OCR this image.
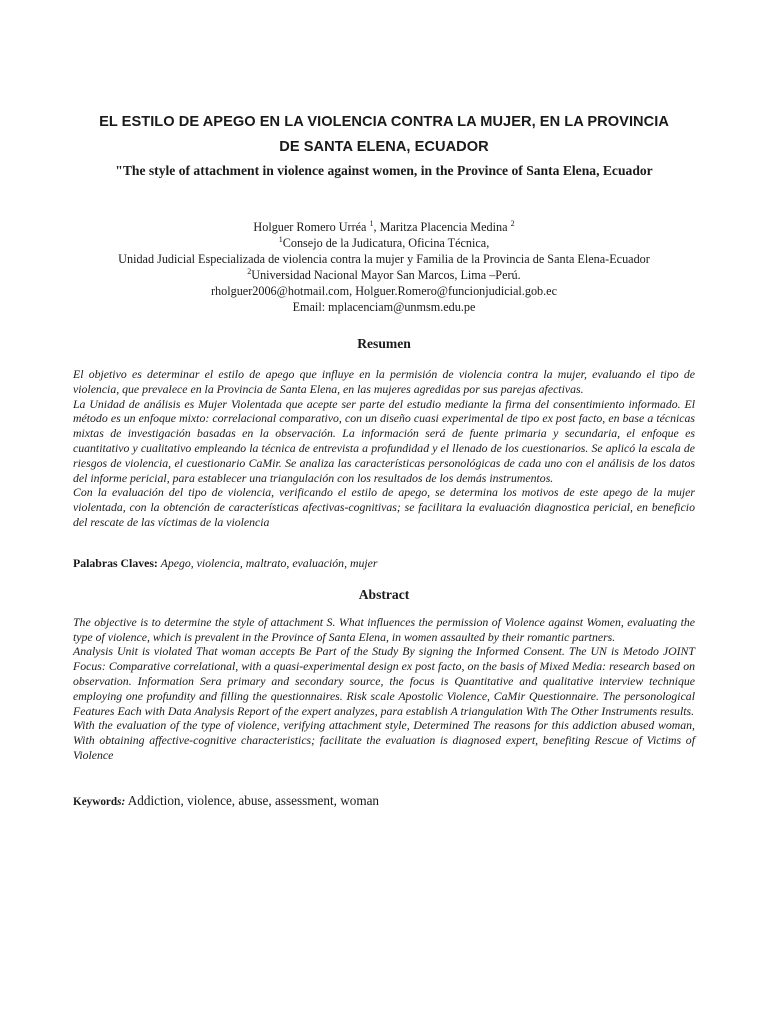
EL ESTILO DE APEGO EN LA VIOLENCIA CONTRA LA MUJER, EN LA PROVINCIA
DE SANTA ELENA, ECUADOR

"The style of attachment in violence against women, in the Province of Santa Elena, Ecuador

Holguer Romero Urréa $^1$, Maritza Placencia Medina $^2$
$^1$Consejo de la Judicatura, Oficina Técnica,
Unidad Judicial Especializada de violencia contra la mujer y Familia de la Provincia de Santa Elena-Ecuador
$^2$Universidad Nacional Mayor San Marcos, Lima –Perú.
rholguer2006@hotmail.com, Holguer.Romero@funcionjudicial.gob.ec
Email: mplacenciam@unmsm.edu.pe
Resumen

El objetivo es determinar el estilo de apego que influye en la permisión de violencia contra la mujer, evaluando el tipo de violencia, que prevalece en la Provincia de Santa Elena, en las mujeres agredidas por sus parejas afectivas.

La Unidad de análisis es Mujer Violentada que acepte ser parte del estudio mediante la firma del consentimiento informado. El método es un enfoque mixto: correlacional comparativo, con un diseño cuasi experimental de tipo ex post facto, en base a técnicas mixtas de investigación basadas en la observación. La información será de fuente primaria y secundaria, el enfoque es cuantitativo y cualitativo empleando la técnica de entrevista a profundidad y el llenado de los cuestionarios. Se aplicó la escala de riesgos de violencia, el cuestionario CaMir. Se analiza las características personológicas de cada uno con el análisis de los datos del informe pericial, para establecer una triangulación con los resultados de los demás instrumentos.

Con la evaluación del tipo de violencia, verificando el estilo de apego, se determina los motivos de este apego de la mujer violentada, con la obtención de características afectivas-cognitivas; se facilitara la evaluación diagnostica pericial, en beneficio del rescate de las víctimas de la violencia

Palabras Claves: Apego, violencia, maltrato, evaluación, mujer
Abstract

The objective is to determine the style of attachment S. What influences the permission of Violence against Women, evaluating the type of violence, which is prevalent in the Province of Santa Elena, in women assaulted by their romantic partners.

Analysis Unit is violated That woman accepts Be Part of the Study By signing the Informed Consent. The UN is Metodo JOINT Focus: Comparative correlational, with a quasi-experimental design ex post facto, on the basis of Mixed Media: research based on observation. Information Sera primary and secondary source, the focus is Quantitative and qualitative interview technique employing one profundity and filling the questionnaires. Risk scale Apostolic Violence, CaMir Questionnaire. The personological Features Each with Data Analysis Report of the expert analyzes, para establish A triangulation With The Other Instruments results.

With the evaluation of the type of violence, verifying attachment style, Determined The reasons for this addiction abused woman, With obtaining affective-cognitive characteristics; facilitate the evaluation is diagnosed expert, benefiting Rescue of Victims of Violence

Keywords: Addiction, violence, abuse, assessment, woman
